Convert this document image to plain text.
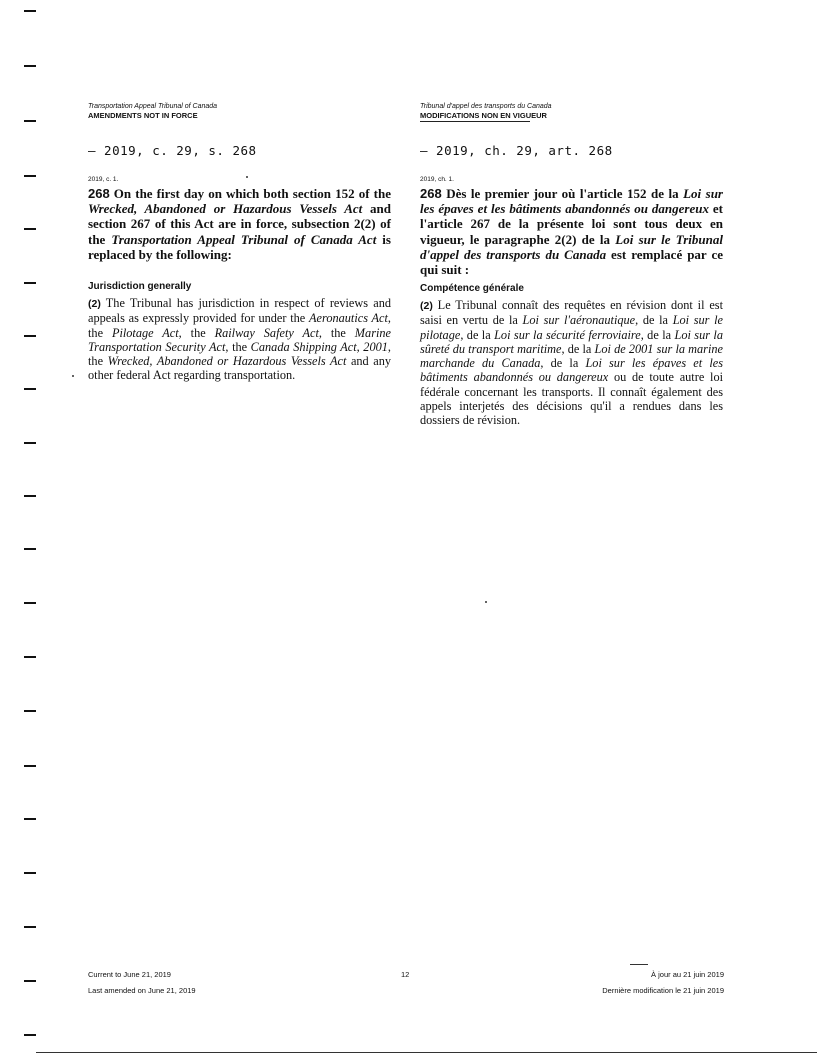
Transportation Appeal Tribunal of Canada
AMENDMENTS NOT IN FORCE
— 2019, c. 29, s. 268
2019, c. 1.
268 On the first day on which both section 152 of the Wrecked, Abandoned or Hazardous Vessels Act and section 267 of this Act are in force, subsection 2(2) of the Transportation Appeal Tribunal of Canada Act is replaced by the following:
Jurisdiction generally
(2) The Tribunal has jurisdiction in respect of reviews and appeals as expressly provided for under the Aeronautics Act, the Pilotage Act, the Railway Safety Act, the Marine Transportation Security Act, the Canada Shipping Act, 2001, the Wrecked, Abandoned or Hazardous Vessels Act and any other federal Act regarding transportation.
Tribunal d'appel des transports du Canada
MODIFICATIONS NON EN VIGUEUR
— 2019, ch. 29, art. 268
2019, ch. 1.
268 Dès le premier jour où l'article 152 de la Loi sur les épaves et les bâtiments abandonnés ou dangereux et l'article 267 de la présente loi sont tous deux en vigueur, le paragraphe 2(2) de la Loi sur le Tribunal d'appel des transports du Canada est remplacé par ce qui suit :
Compétence générale
(2) Le Tribunal connaît des requêtes en révision dont il est saisi en vertu de la Loi sur l'aéronautique, de la Loi sur le pilotage, de la Loi sur la sécurité ferroviaire, de la Loi sur la sûreté du transport maritime, de la Loi de 2001 sur la marine marchande du Canada, de la Loi sur les épaves et les bâtiments abandonnés ou dangereux ou de toute autre loi fédérale concernant les transports. Il connaît également des appels interjetés des décisions qu'il a rendues dans les dossiers de révision.
Current to June 21, 2019
Last amended on June 21, 2019
12	À jour au 21 juin 2019
Dernière modification le 21 juin 2019
